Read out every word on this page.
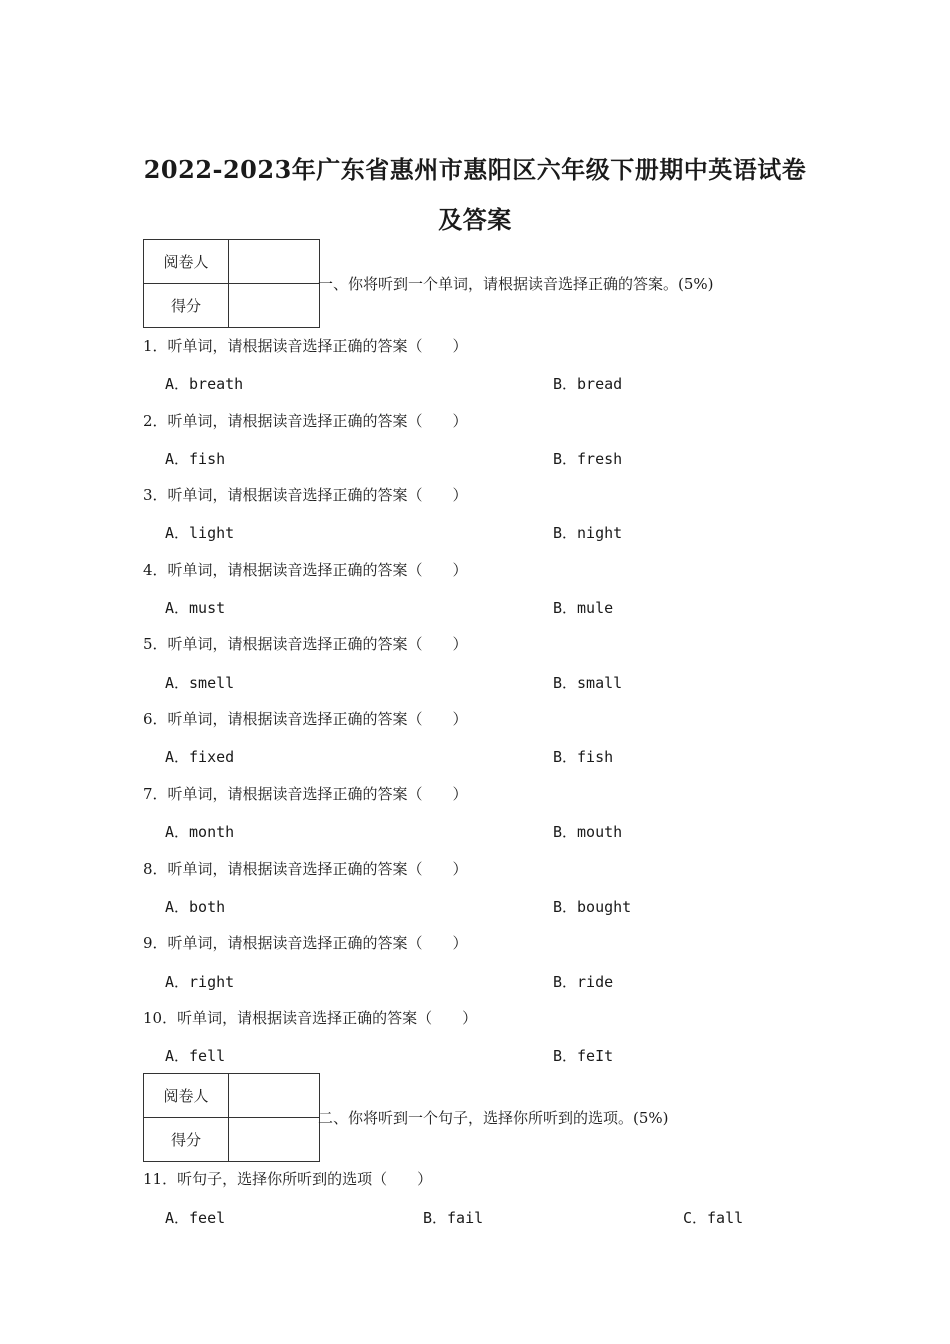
2022-2023年广东省惠州市惠阳区六年级下册期中英语试卷
及答案
阅卷人	
得分	
一、你将听到一个单词，请根据读音选择正确的答案。(5%)
1．听单词，请根据读音选择正确的答案（　　）
A．breath	B．bread
2．听单词，请根据读音选择正确的答案（　　）
A．fish	B．fresh
3．听单词，请根据读音选择正确的答案（　　）
A．light	B．night
4．听单词，请根据读音选择正确的答案（　　）
A．must	B．mule
5．听单词，请根据读音选择正确的答案（　　）
A．smell	B．small
6．听单词，请根据读音选择正确的答案（　　）
A．fixed	B．fish
7．听单词，请根据读音选择正确的答案（　　）
A．month	B．mouth
8．听单词，请根据读音选择正确的答案（　　）
A．both	B．bought
9．听单词，请根据读音选择正确的答案（　　）
A．right	B．ride
10．听单词，请根据读音选择正确的答案（　　）
A．fell	B．feIt
阅卷人	
得分	
二、你将听到一个句子，选择你所听到的选项。(5%)
11．听句子，选择你所听到的选项（　　）
A．feel	B．fail	C．fall
